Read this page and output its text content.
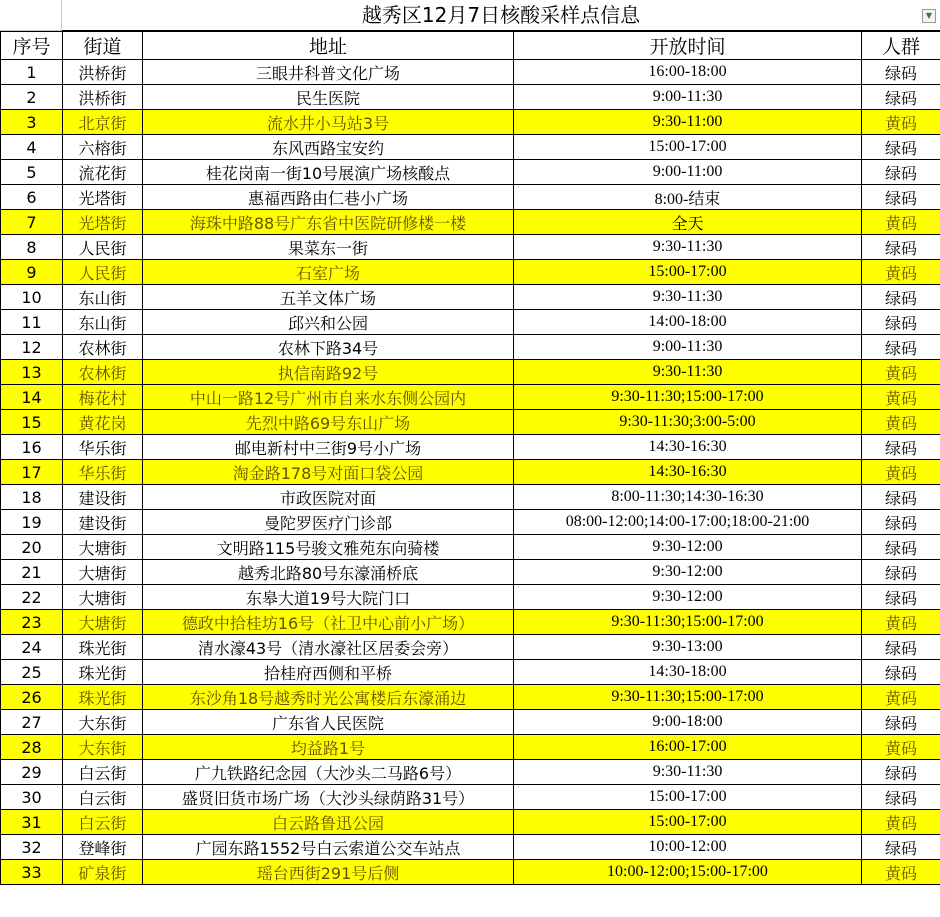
越秀区12月7日核酸采样点信息	▼
序号	街道	地址	开放时间	人群
1	洪桥街	三眼井科普文化广场	16:00-18:00	绿码
2	洪桥街	民生医院	9:00-11:30	绿码
3	北京街	流水井小马站3号	9:30-11:00	黄码
4	六榕街	东风西路宝安约	15:00-17:00	绿码
5	流花街	桂花岗南一街10号展演广场核酸点	9:00-11:00	绿码
6	光塔街	惠福西路由仁巷小广场	8:00-结束	绿码
7	光塔街	海珠中路88号广东省中医院研修楼一楼	全天	黄码
8	人民街	果菜东一街	9:30-11:30	绿码
9	人民街	石室广场	15:00-17:00	黄码
10	东山街	五羊文体广场	9:30-11:30	绿码
11	东山街	邱兴和公园	14:00-18:00	绿码
12	农林街	农林下路34号	9:00-11:30	绿码
13	农林街	执信南路92号	9:30-11:30	黄码
14	梅花村	中山一路12号广州市自来水东侧公园内	9:30-11:30;15:00-17:00	黄码
15	黄花岗	先烈中路69号东山广场	9:30-11:30;3:00-5:00	黄码
16	华乐街	邮电新村中三街9号小广场	14:30-16:30	绿码
17	华乐街	淘金路178号对面口袋公园	14:30-16:30	黄码
18	建设街	市政医院对面	8:00-11:30;14:30-16:30	绿码
19	建设街	曼陀罗医疗门诊部	08:00-12:00;14:00-17:00;18:00-21:00	绿码
20	大塘街	文明路115号骏文雅苑东向骑楼	9:30-12:00	绿码
21	大塘街	越秀北路80号东濠涌桥底	9:30-12:00	绿码
22	大塘街	东皋大道19号大院门口	9:30-12:00	绿码
23	大塘街	德政中拾桂坊16号（社卫中心前小广场）	9:30-11:30;15:00-17:00	黄码
24	珠光街	清水濠43号（清水濠社区居委会旁）	9:30-13:00	绿码
25	珠光街	拾桂府西侧和平桥	14:30-18:00	绿码
26	珠光街	东沙角18号越秀时光公寓楼后东濠涌边	9:30-11:30;15:00-17:00	黄码
27	大东街	广东省人民医院	9:00-18:00	绿码
28	大东街	均益路1号	16:00-17:00	黄码
29	白云街	广九铁路纪念园（大沙头二马路6号）	9:30-11:30	绿码
30	白云街	盛贤旧货市场广场（大沙头绿荫路31号）	15:00-17:00	绿码
31	白云街	白云路鲁迅公园	15:00-17:00	黄码
32	登峰街	广园东路1552号白云索道公交车站点	10:00-12:00	绿码
33	矿泉街	瑶台西街291号后侧	10:00-12:00;15:00-17:00	黄码
